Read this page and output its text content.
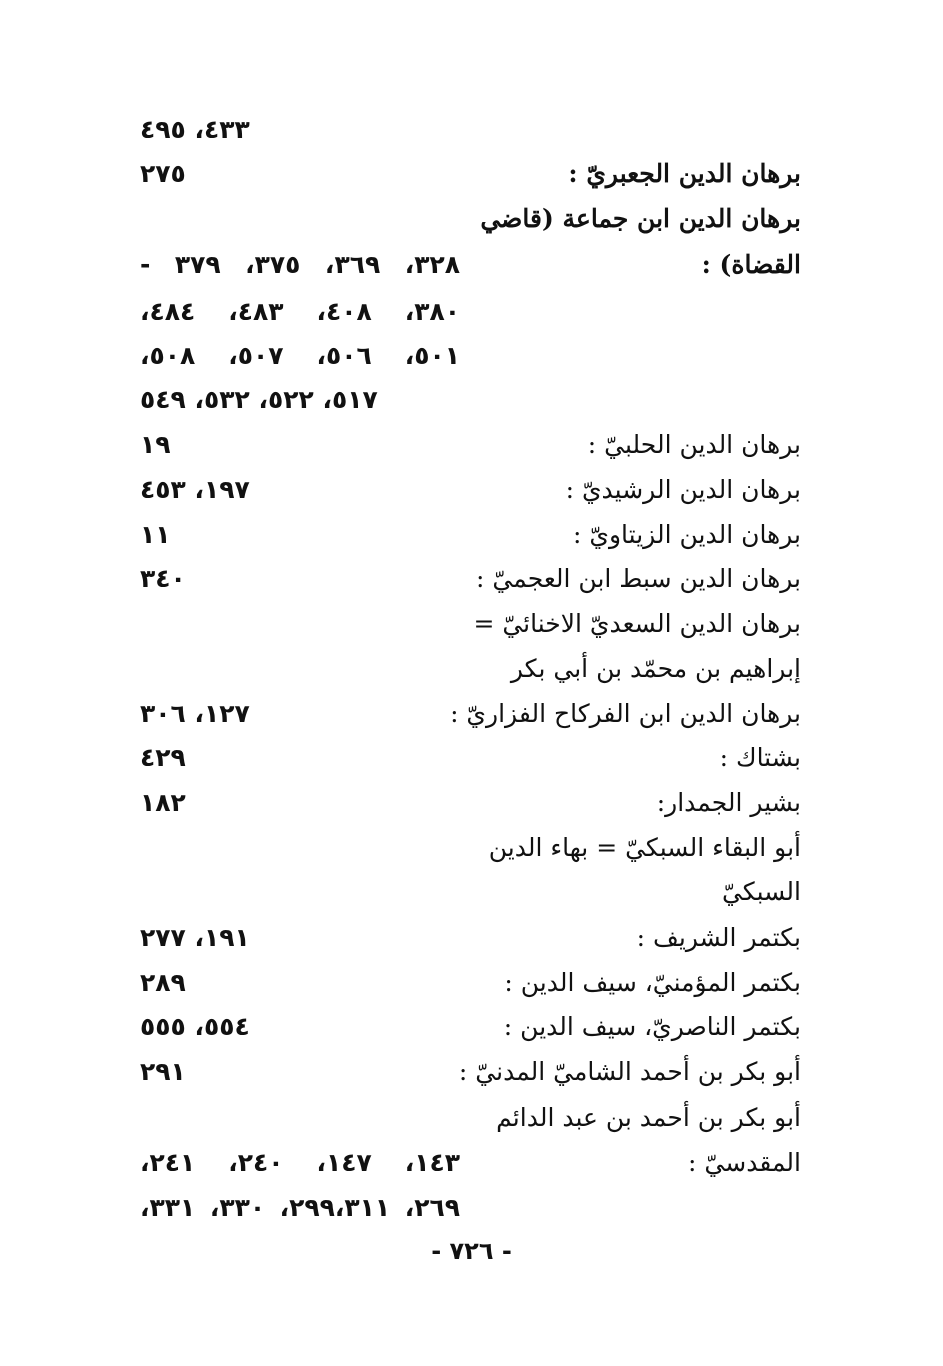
٤٣٣، ٤٩٥
برهان الدين الجعبريّ :
٢٧٥
برهان الدين ابن جماعة (قاضي
القضاة) :
٣٢٨، ٣٦٩، ٣٧٥، ٣٧٩ -
٣٨٠، ٤٠٨، ٤٨٣، ٤٨٤،
٥٠١، ٥٠٦، ٥٠٧، ٥٠٨،
٥١٧، ٥٢٢، ٥٣٢، ٥٤٩
برهان الدين الحلبيّ :
١٩
برهان الدين الرشيديّ :
١٩٧، ٤٥٣
برهان الدين الزيتاويّ :
١١
برهان الدين سبط ابن العجميّ :
٣٤٠
برهان الدين السعديّ الاخنائيّ =
إبراهيم بن محمّد بن أبي بكر
برهان الدين ابن الفركاح الفزاريّ :
١٢٧، ٣٠٦
بشتاك :
٤٢٩
بشير الجمدار:
١٨٢
أبو البقاء السبكيّ = بهاء الدين
السبكيّ
بكتمر الشريف :
١٩١، ٢٧٧
بكتمر المؤمنيّ، سيف الدين :
٢٨٩
بكتمر الناصريّ، سيف الدين :
٥٥٤، ٥٥٥
أبو بكر بن أحمد الشاميّ المدنيّ :
٢٩١
أبو بكر بن أحمد بن عبد الدائم
المقدسيّ :
١٤٣، ١٤٧، ٢٤٠، ٢٤١،
٢٦٩، ٢٩٩،٣١١، ٣٣٠، ٣٣١،
- ٧٢٦ -
